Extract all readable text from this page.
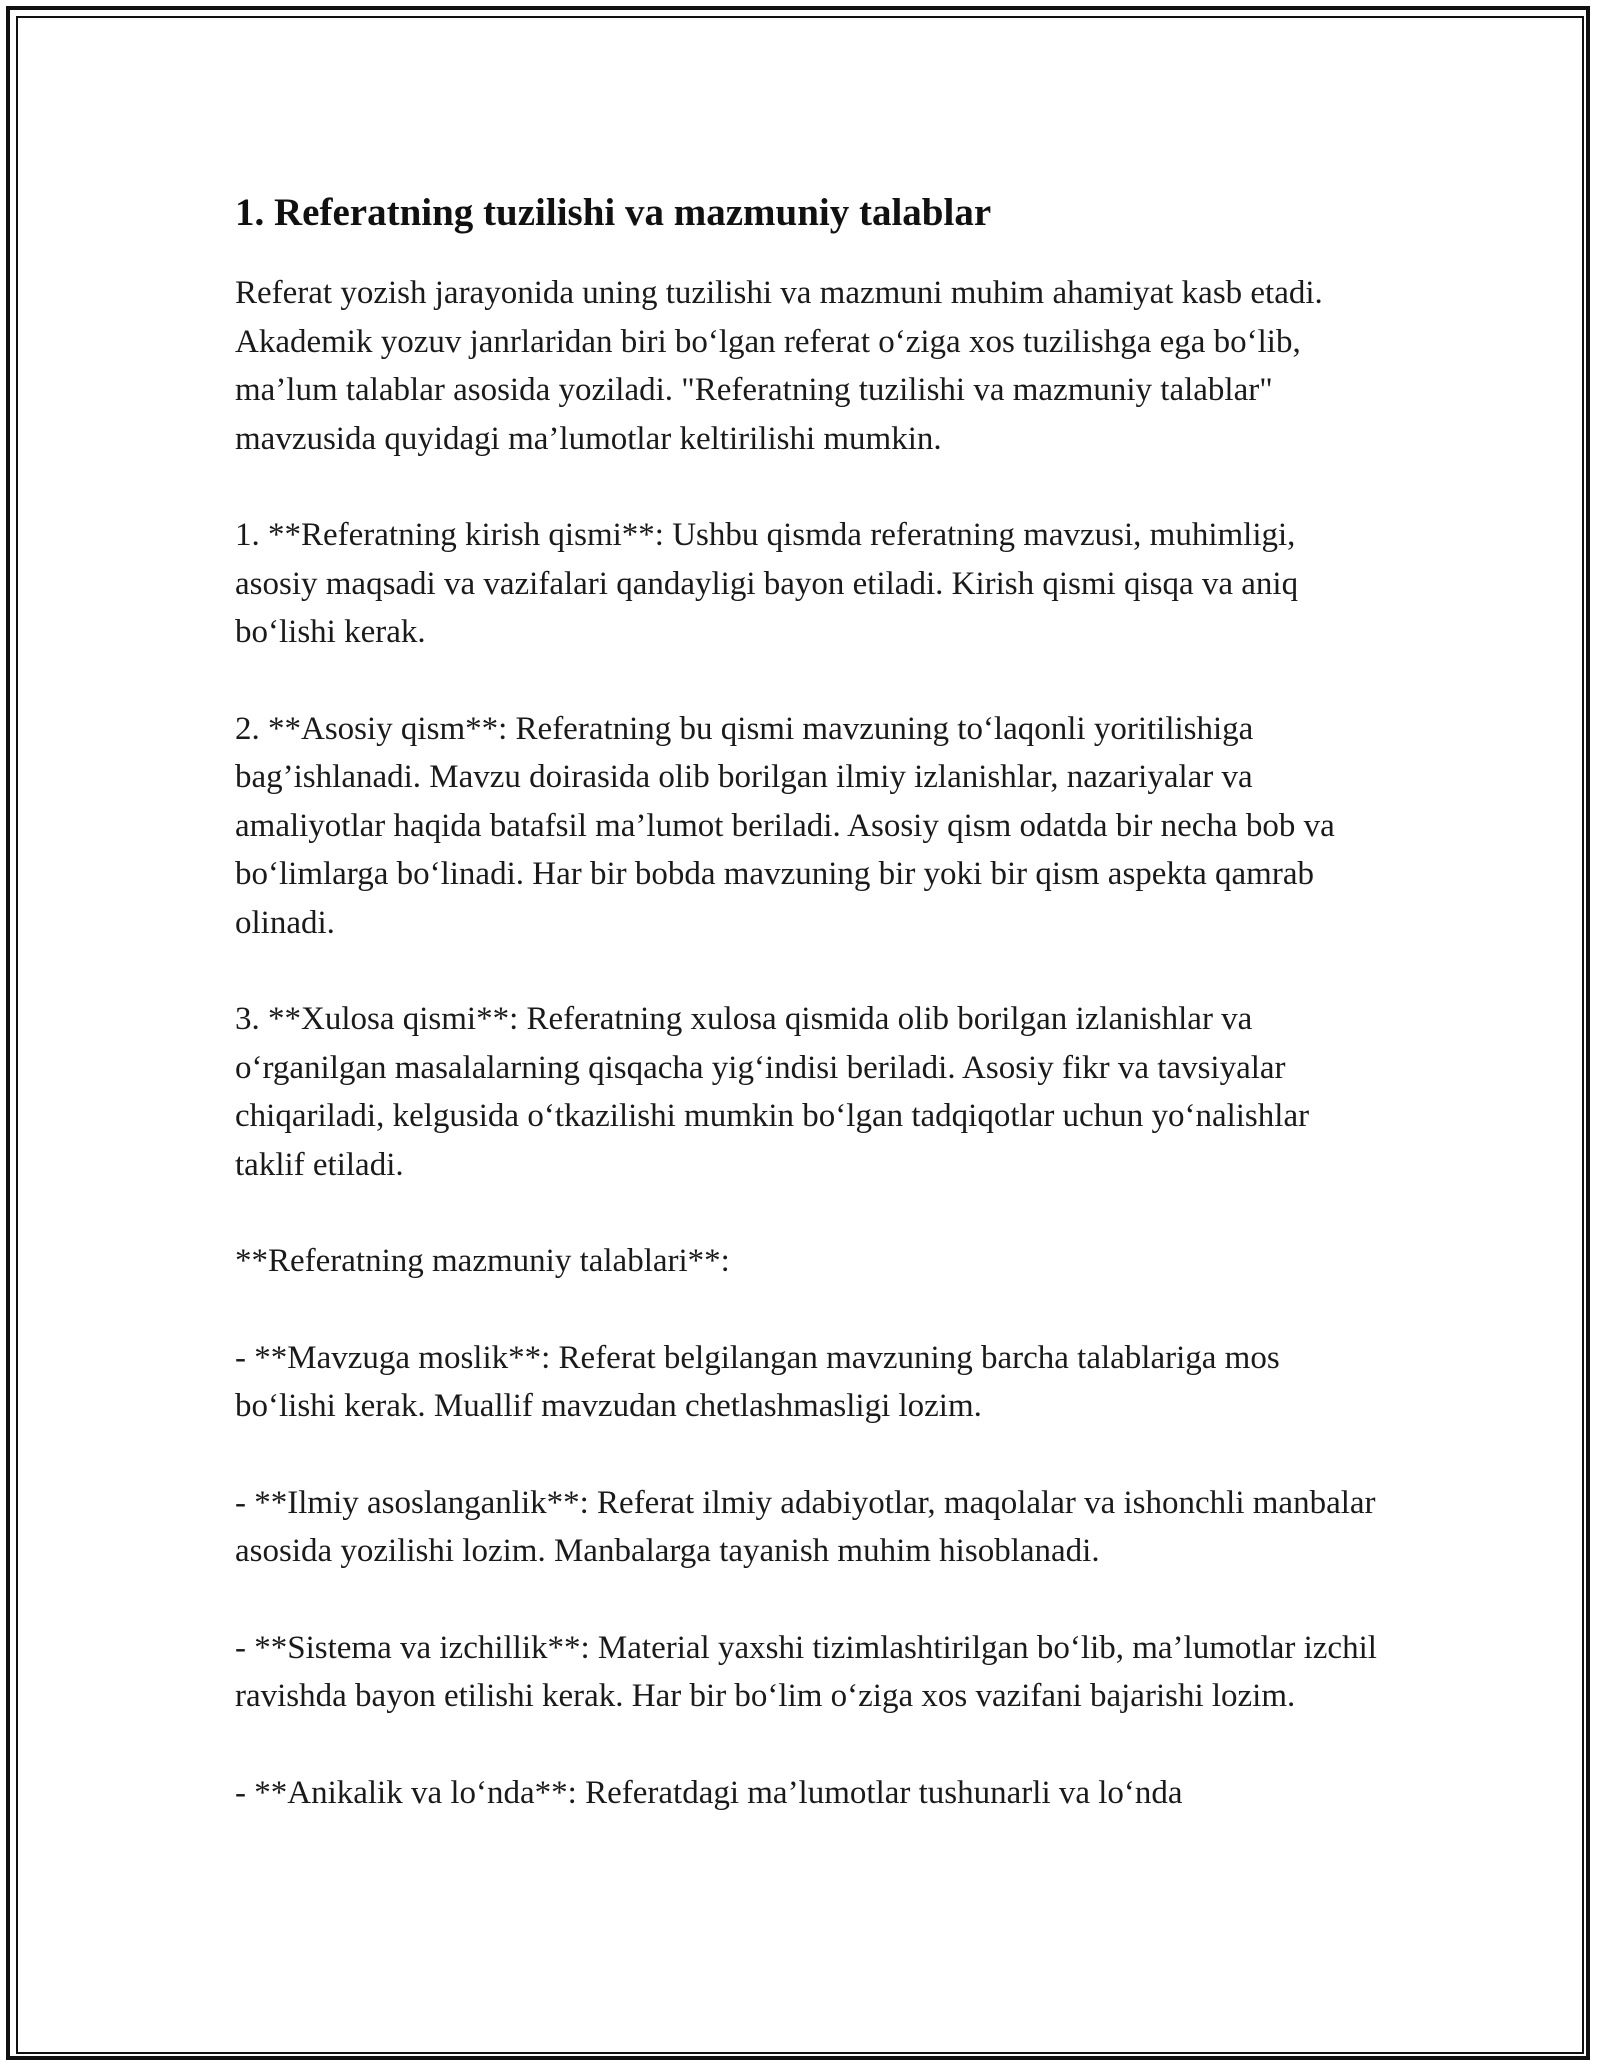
1. Referatning tuzilishi va mazmuniy talablar

Referat yozish jarayonida uning tuzilishi va mazmuni muhim ahamiyat kasb etadi. Akademik yozuv janrlaridan biri bo‘lgan referat o‘ziga xos tuzilishga ega bo‘lib, ma’lum talablar asosida yoziladi. "Referatning tuzilishi va mazmuniy talablar" mavzusida quyidagi ma’lumotlar keltirilishi mumkin.

1. **Referatning kirish qismi**: Ushbu qismda referatning mavzusi, muhimligi, asosiy maqsadi va vazifalari qandayligi bayon etiladi. Kirish qismi qisqa va aniq bo‘lishi kerak.

2. **Asosiy qism**: Referatning bu qismi mavzuning to‘laqonli yoritilishiga bag’ishlanadi. Mavzu doirasida olib borilgan ilmiy izlanishlar, nazariyalar va amaliyotlar haqida batafsil ma’lumot beriladi. Asosiy qism odatda bir necha bob va bo‘limlarga bo‘linadi. Har bir bobda mavzuning bir yoki bir qism aspekta qamrab olinadi.

3. **Xulosa qismi**: Referatning xulosa qismida olib borilgan izlanishlar va o‘rganilgan masalalarning qisqacha yig‘indisi beriladi. Asosiy fikr va tavsiyalar chiqariladi, kelgusida o‘tkazilishi mumkin bo‘lgan tadqiqotlar uchun yo‘nalishlar taklif etiladi.

**Referatning mazmuniy talablari**:

- **Mavzuga moslik**: Referat belgilangan mavzuning barcha talablariga mos bo‘lishi kerak. Muallif mavzudan chetlashmasligi lozim.

- **Ilmiy asoslanganlik**: Referat ilmiy adabiyotlar, maqolalar va ishonchli manbalar asosida yozilishi lozim. Manbalarga tayanish muhim hisoblanadi.

- **Sistema va izchillik**: Material yaxshi tizimlashtirilgan bo‘lib, ma’lumotlar izchil ravishda bayon etilishi kerak. Har bir bo‘lim o‘ziga xos vazifani bajarishi lozim.

- **Anikalik va lo‘nda**: Referatdagi ma’lumotlar tushunarli va lo‘nda
